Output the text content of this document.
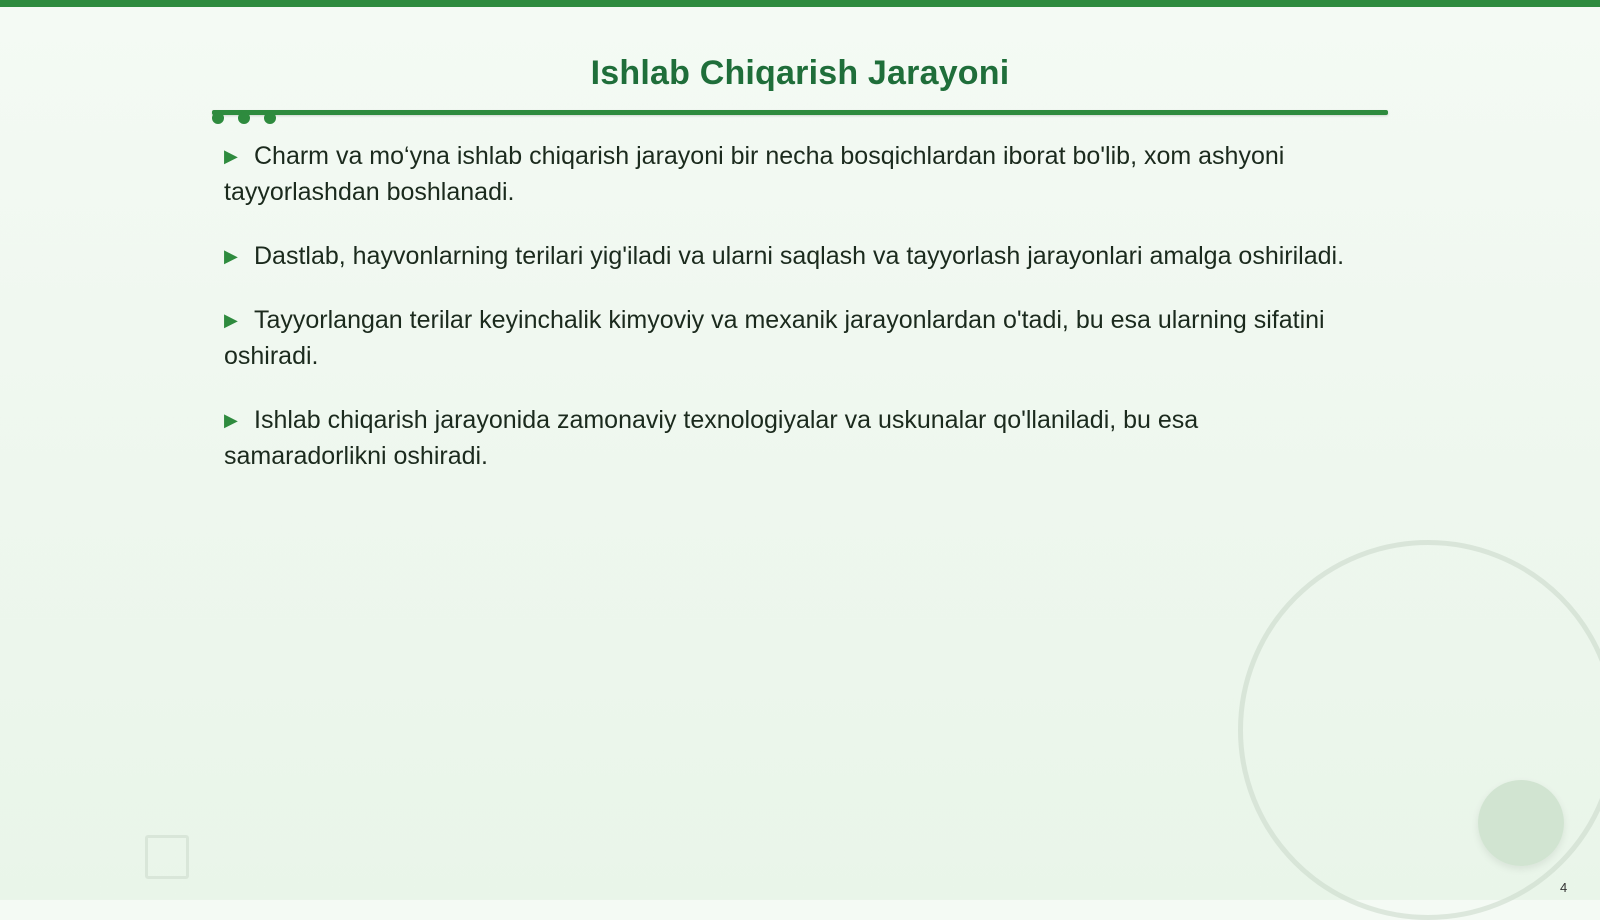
Ishlab Chiqarish Jarayoni
▶ Charm va mo‘yna ishlab chiqarish jarayoni bir necha bosqichlardan iborat bo'lib, xom ashyoni tayyorlashdan boshlanadi.
▶ Dastlab, hayvonlarning terilari yig'iladi va ularni saqlash va tayyorlash jarayonlari amalga oshiriladi.
▶ Tayyorlangan terilar keyinchalik kimyoviy va mexanik jarayonlardan o'tadi, bu esa ularning sifatini oshiradi.
▶ Ishlab chiqarish jarayonida zamonaviy texnologiyalar va uskunalar qo'llaniladi, bu esa samaradorlikni oshiradi.
4
